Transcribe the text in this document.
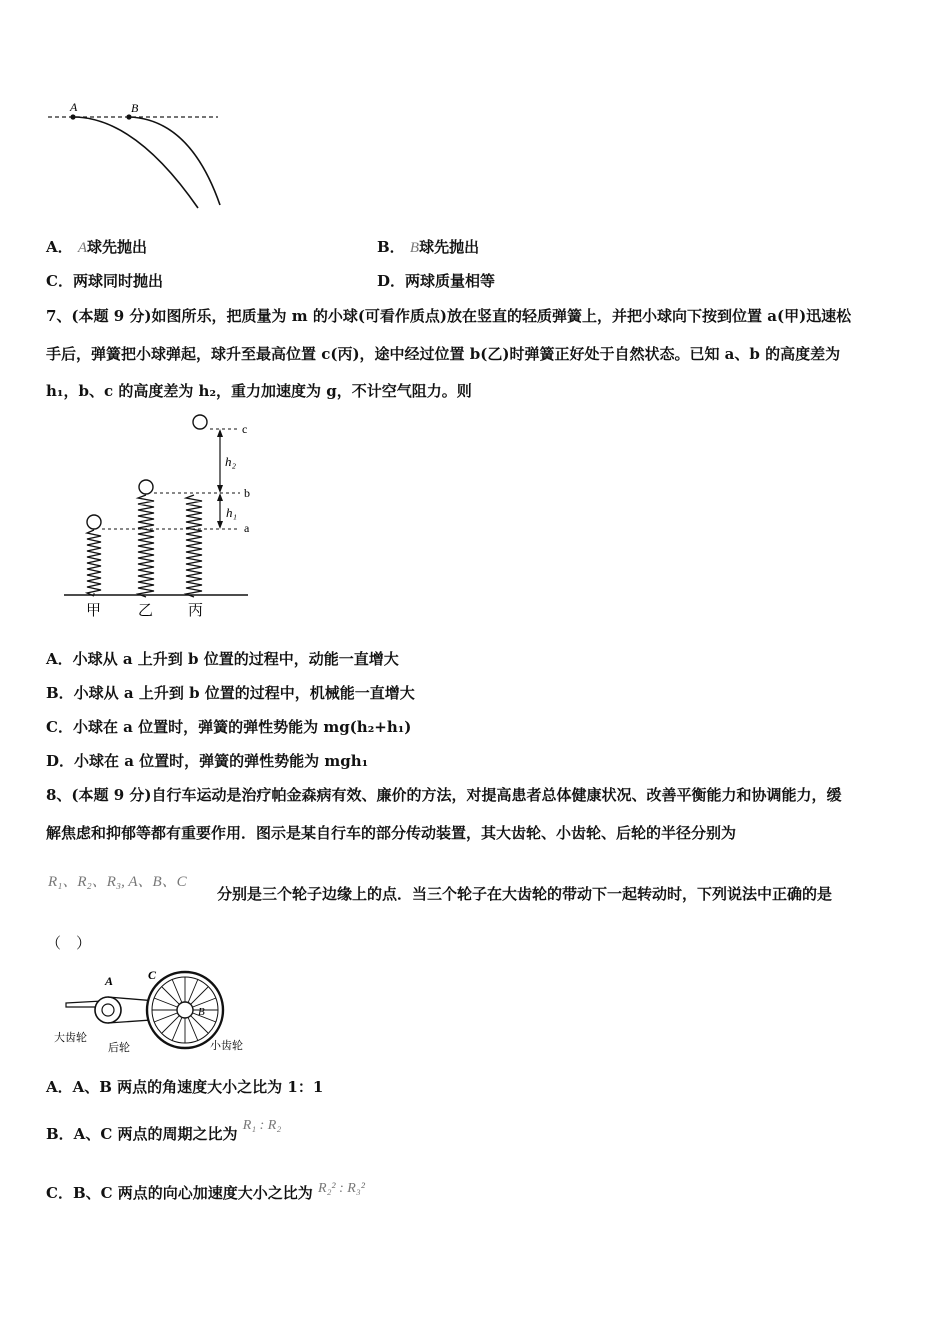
A	B
A． A球先抛出	B． B球先抛出
C．两球同时抛出	D．两球质量相等
7、(本题 9 分)如图所乐，把质量为 m 的小球(可看作质点)放在竖直的轻质弹簧上，并把小球向下按到位置 a(甲)迅速松
手后，弹簧把小球弹起，球升至最高位置 c(丙)，途中经过位置 b(乙)时弹簧正好处于自然状态。已知 a、b 的高度差为
h₁，b、c 的高度差为 h₂，重力加速度为 g，不计空气阻力。则
h₂
h₁
c
b
a
甲 乙 丙
A．小球从 a 上升到 b 位置的过程中，动能一直增大
B．小球从 a 上升到 b 位置的过程中，机械能一直增大
C．小球在 a 位置时，弹簧的弹性势能为 mg(h₂+h₁)
D．小球在 a 位置时，弹簧的弹性势能为 mgh₁
8、(本题 9 分)自行车运动是治疗帕金森病有效、廉价的方法，对提高患者总体健康状况、改善平衡能力和协调能力，缓
解焦虑和抑郁等都有重要作用．图示是某自行车的部分传动装置，其大齿轮、小齿轮、后轮的半径分别为
R₁、R₂、R₃, A、B、C
分别是三个轮子边缘上的点．当三个轮子在大齿轮的带动下一起转动时，下列说法中正确的是
（　）
A	C
B
大齿轮
后轮	小齿轮
A．A、B 两点的角速度大小之比为 1：1
B．A、C 两点的周期之比为 R₁ : R₂
C．B、C 两点的向心加速度大小之比为 R₂² : R₃²
